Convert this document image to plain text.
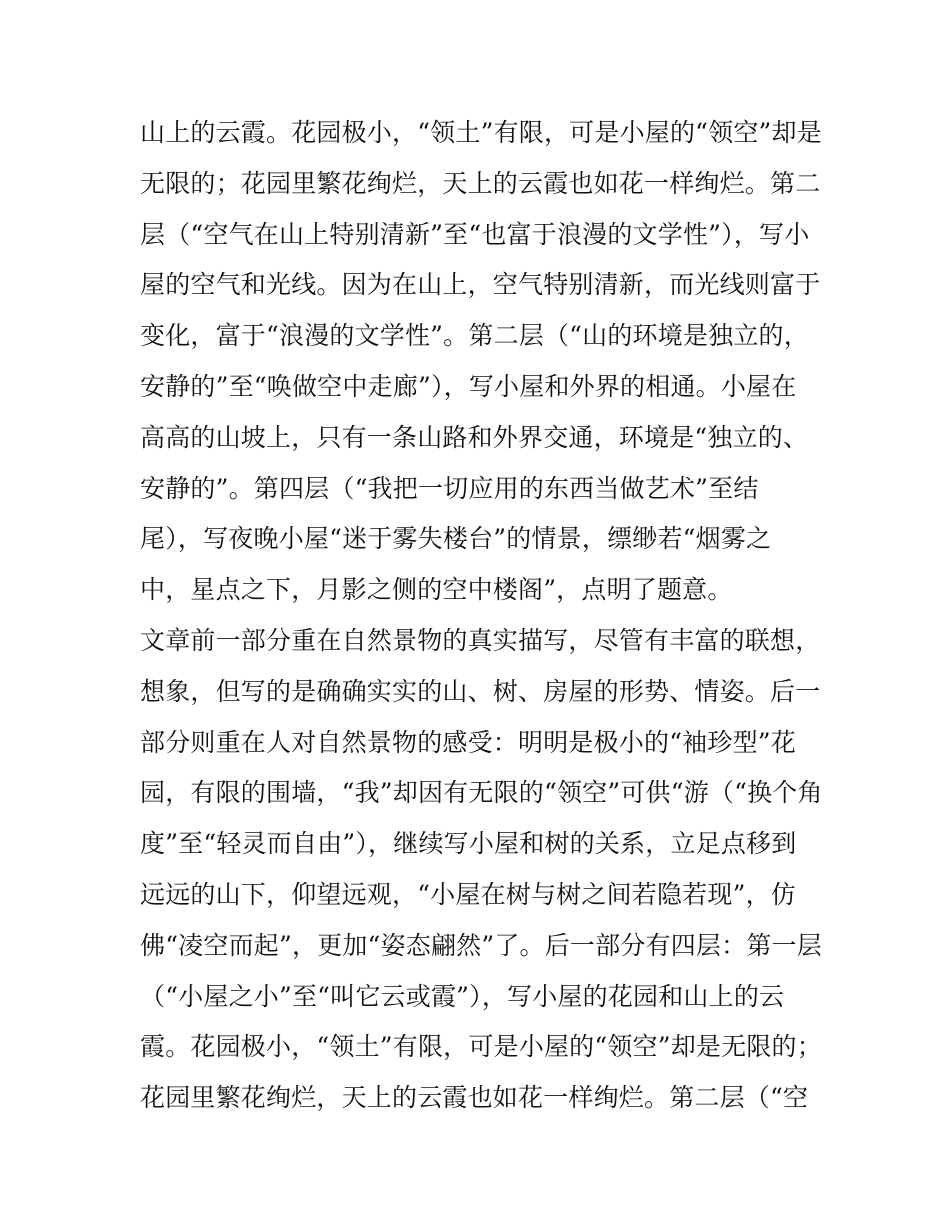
山上的云霞。花园极小，“领土”有限，可是小屋的“领空”却是
无限的；花园里繁花绚烂，天上的云霞也如花一样绚烂。第二
层（“空气在山上特别清新”至“也富于浪漫的文学性”），写小
屋的空气和光线。因为在山上，空气特别清新，而光线则富于
变化，富于“浪漫的文学性”。第二层（“山的环境是独立的，
安静的”至“唤做空中走廊”），写小屋和外界的相通。小屋在
高高的山坡上，只有一条山路和外界交通，环境是“独立的、
安静的”。第四层（“我把一切应用的东西当做艺术”至结
尾），写夜晚小屋“迷于雾失楼台”的情景，缥缈若“烟雾之
中，星点之下，月影之侧的空中楼阁”，点明了题意。
文章前一部分重在自然景物的真实描写，尽管有丰富的联想，
想象，但写的是确确实实的山、树、房屋的形势、情姿。后一
部分则重在人对自然景物的感受：明明是极小的“袖珍型”花
园，有限的围墙，“我”却因有无限的“领空”可供“游（“换个角
度”至“轻灵而自由”），继续写小屋和树的关系，立足点移到
远远的山下，仰望远观，“小屋在树与树之间若隐若现”，仿
佛“凌空而起”，更加“姿态翩然”了。后一部分有四层：第一层
（“小屋之小”至“叫它云或霞”），写小屋的花园和山上的云
霞。花园极小，“领土”有限，可是小屋的“领空”却是无限的；
花园里繁花绚烂，天上的云霞也如花一样绚烂。第二层（“空
